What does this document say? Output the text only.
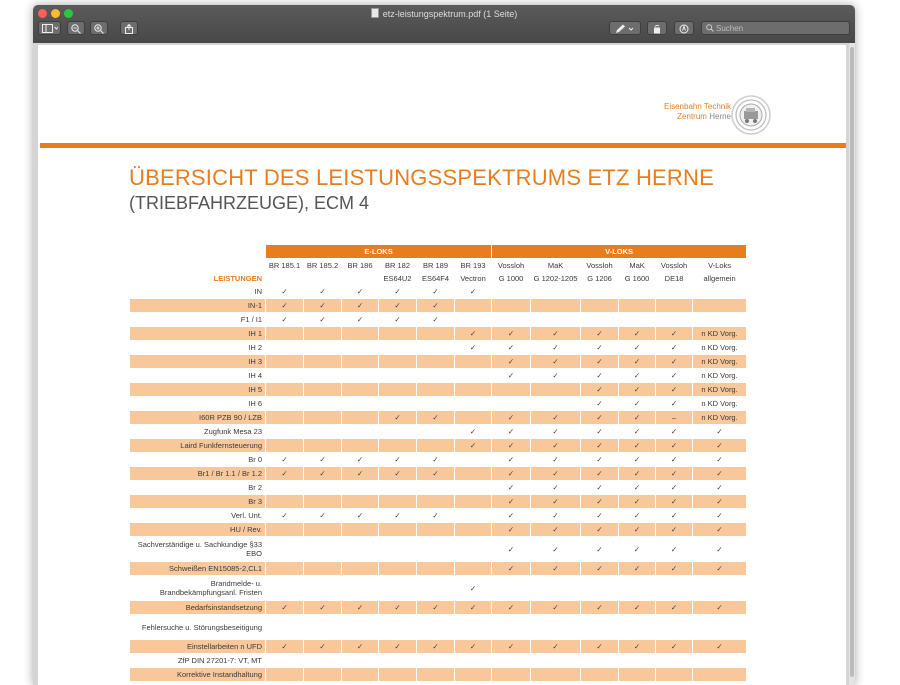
etz-leistungspektrum.pdf (1 Seite)
Suchen
Eisenbahn Technik
Zentrum Herne
ÜBERSICHT DES LEISTUNGSSPEKTRUMS ETZ HERNE
(TRIEBFAHRZEUGE), ECM 4
	E-LOKS						V-LOKS					
	BR 185.1	BR 185.2	BR 186	BR 182	BR 189	BR 193	Vossloh	MaK	Vossloh	MaK	Vossloh	V-Loks
LEISTUNGEN				ES64U2	ES64F4	Vectron	G 1000	G 1202-1205	G 1206	G 1600	DE18	allgemein
IN	✓	✓	✓	✓	✓	✓						
IN-1	✓	✓	✓	✓	✓							
F1 / I1	✓	✓	✓	✓	✓							
IH 1						✓	✓	✓	✓	✓	✓	n KD Vorg.
IH 2						✓	✓	✓	✓	✓	✓	n KD Vorg.
IH 3							✓	✓	✓	✓	✓	n KD Vorg.
IH 4							✓	✓	✓	✓	✓	n KD Vorg.
IH 5									✓	✓	✓	n KD Vorg.
IH 6									✓	✓	✓	n KD Vorg.
I60R PZB 90 / LZB				✓	✓		✓	✓	✓	✓	–	n KD Vorg.
Zugfunk Mesa 23						✓	✓	✓	✓	✓	✓	✓
Laird Funkfernsteuerung						✓	✓	✓	✓	✓	✓	✓
Br 0	✓	✓	✓	✓	✓		✓	✓	✓	✓	✓	✓
Br1 / Br 1.1 / Br 1.2	✓	✓	✓	✓	✓		✓	✓	✓	✓	✓	✓
Br 2							✓	✓	✓	✓	✓	✓
Br 3							✓	✓	✓	✓	✓	✓
Verl. Unt.	✓	✓	✓	✓	✓		✓	✓	✓	✓	✓	✓
HU / Rev.							✓	✓	✓	✓	✓	✓
Sachverständige u. Sachkundige §33 EBO							✓	✓	✓	✓	✓	✓
Schweißen EN15085-2,CL1							✓	✓	✓	✓	✓	✓
Brandmelde- u. Brandbekämpfungsanl. Fristen						✓						
Bedarfsinstandsetzung	✓	✓	✓	✓	✓	✓	✓	✓	✓	✓	✓	✓
Fehlersuche u. Störungsbeseitigung												
Einstellarbeiten n UFD	✓	✓	✓	✓	✓	✓	✓	✓	✓	✓	✓	✓
ZfP DIN 27201-7: VT, MT												
Korrektive Instandhaltung												
